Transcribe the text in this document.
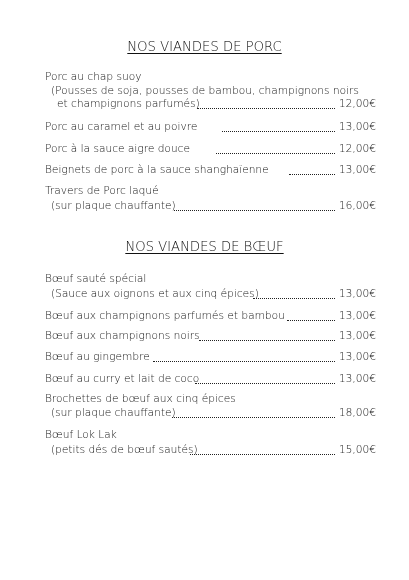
NOS VIANDES DE PORC
Porc au chap suoy
(Pousses de soja, pousses de bambou, champignons noirs
et champignons parfumés)	12,00€
Porc au caramel et au poivre	13,00€
Porc à la sauce aigre douce	12,00€
Beignets de porc à la sauce shanghaïenne	13,00€
Travers de Porc laqué
(sur plaque chauffante)	16,00€
NOS VIANDES DE BŒUF
Bœuf sauté spécial
(Sauce aux oignons et aux cinq épices)	13,00€
Bœuf aux champignons parfumés et bambou	13,00€
Bœuf aux champignons noirs	13,00€
Bœuf au gingembre	13,00€
Bœuf au curry et lait de coco	13,00€
Brochettes de bœuf aux cinq épices
(sur plaque chauffante)	18,00€
Bœuf Lok Lak
(petits dés de bœuf sautés)	15,00€
